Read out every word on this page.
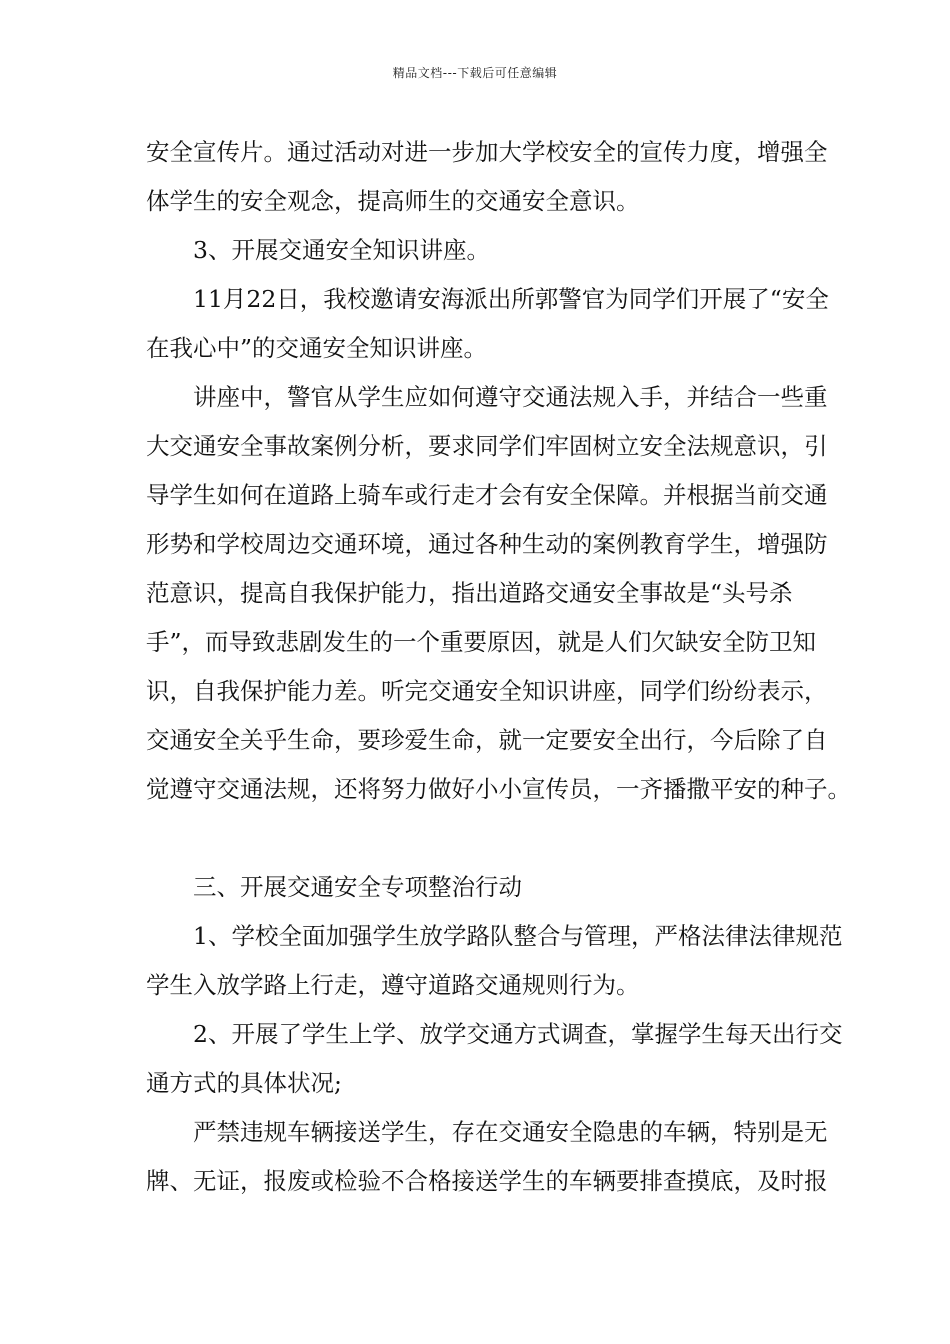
精品文档---下载后可任意编辑
安全宣传片。通过活动对进一步加大学校安全的宣传力度，增强全
体学生的安全观念，提高师生的交通安全意识。
3、开展交通安全知识讲座。
11月22日，我校邀请安海派出所郭警官为同学们开展了“安全
在我心中”的交通安全知识讲座。
讲座中，警官从学生应如何遵守交通法规入手，并结合一些重
大交通安全事故案例分析，要求同学们牢固树立安全法规意识，引
导学生如何在道路上骑车或行走才会有安全保障。并根据当前交通
形势和学校周边交通环境，通过各种生动的案例教育学生，增强防
范意识，提高自我保护能力，指出道路交通安全事故是“头号杀
手”，而导致悲剧发生的一个重要原因，就是人们欠缺安全防卫知
识，自我保护能力差。听完交通安全知识讲座，同学们纷纷表示，
交通安全关乎生命，要珍爱生命，就一定要安全出行，今后除了自
觉遵守交通法规，还将努力做好小小宣传员，一齐播撒平安的种子。
三、开展交通安全专项整治行动
1、学校全面加强学生放学路队整合与管理，严格法律法律规范
学生入放学路上行走，遵守道路交通规则行为。
2、开展了学生上学、放学交通方式调查，掌握学生每天出行交
通方式的具体状况;
严禁违规车辆接送学生，存在交通安全隐患的车辆，特别是无
牌、无证，报废或检验不合格接送学生的车辆要排查摸底，及时报
